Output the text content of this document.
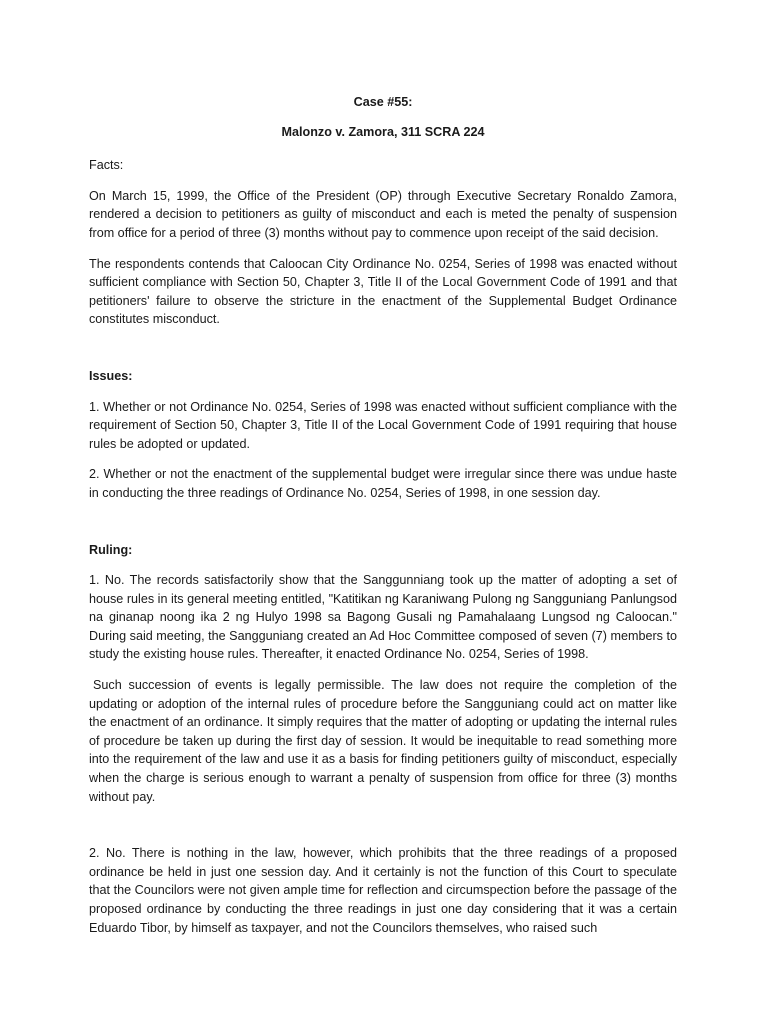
Case #55:

Malonzo v. Zamora, 311 SCRA 224

Facts:

On March 15, 1999, the Office of the President (OP) through Executive Secretary Ronaldo Zamora, rendered a decision to petitioners as guilty of misconduct and each is meted the penalty of suspension from office for a period of three (3) months without pay to commence upon receipt of the said decision.

The respondents contends that Caloocan City Ordinance No. 0254, Series of 1998 was enacted without sufficient compliance with Section 50, Chapter 3, Title II of the Local Government Code of 1991 and that petitioners' failure to observe the stricture in the enactment of the Supplemental Budget Ordinance constitutes misconduct.

Issues:

1. Whether or not Ordinance No. 0254, Series of 1998 was enacted without sufficient compliance with the requirement of Section 50, Chapter 3, Title II of the Local Government Code of 1991 requiring that house rules be adopted or updated.

2. Whether or not the enactment of the supplemental budget were irregular since there was undue haste in conducting the three readings of Ordinance No. 0254, Series of 1998, in one session day.

Ruling:

1. No. The records satisfactorily show that the Sanggunniang took up the matter of adopting a set of house rules in its general meeting entitled, "Katitikan ng Karaniwang Pulong ng Sangguniang Panlungsod na ginanap noong ika 2 ng Hulyo 1998 sa Bagong Gusali ng Pamahalaang Lungsod ng Caloocan." During said meeting, the Sangguniang created an Ad Hoc Committee composed of seven (7) members to study the existing house rules. Thereafter, it enacted Ordinance No. 0254, Series of 1998.

Such succession of events is legally permissible. The law does not require the completion of the updating or adoption of the internal rules of procedure before the Sangguniang could act on matter like the enactment of an ordinance. It simply requires that the matter of adopting or updating the internal rules of procedure be taken up during the first day of session. It would be inequitable to read something more into the requirement of the law and use it as a basis for finding petitioners guilty of misconduct, especially when the charge is serious enough to warrant a penalty of suspension from office for three (3) months without pay.

2. No. There is nothing in the law, however, which prohibits that the three readings of a proposed ordinance be held in just one session day. And it certainly is not the function of this Court to speculate that the Councilors were not given ample time for reflection and circumspection before the passage of the proposed ordinance by conducting the three readings in just one day considering that it was a certain Eduardo Tibor, by himself as taxpayer, and not the Councilors themselves, who raised such
